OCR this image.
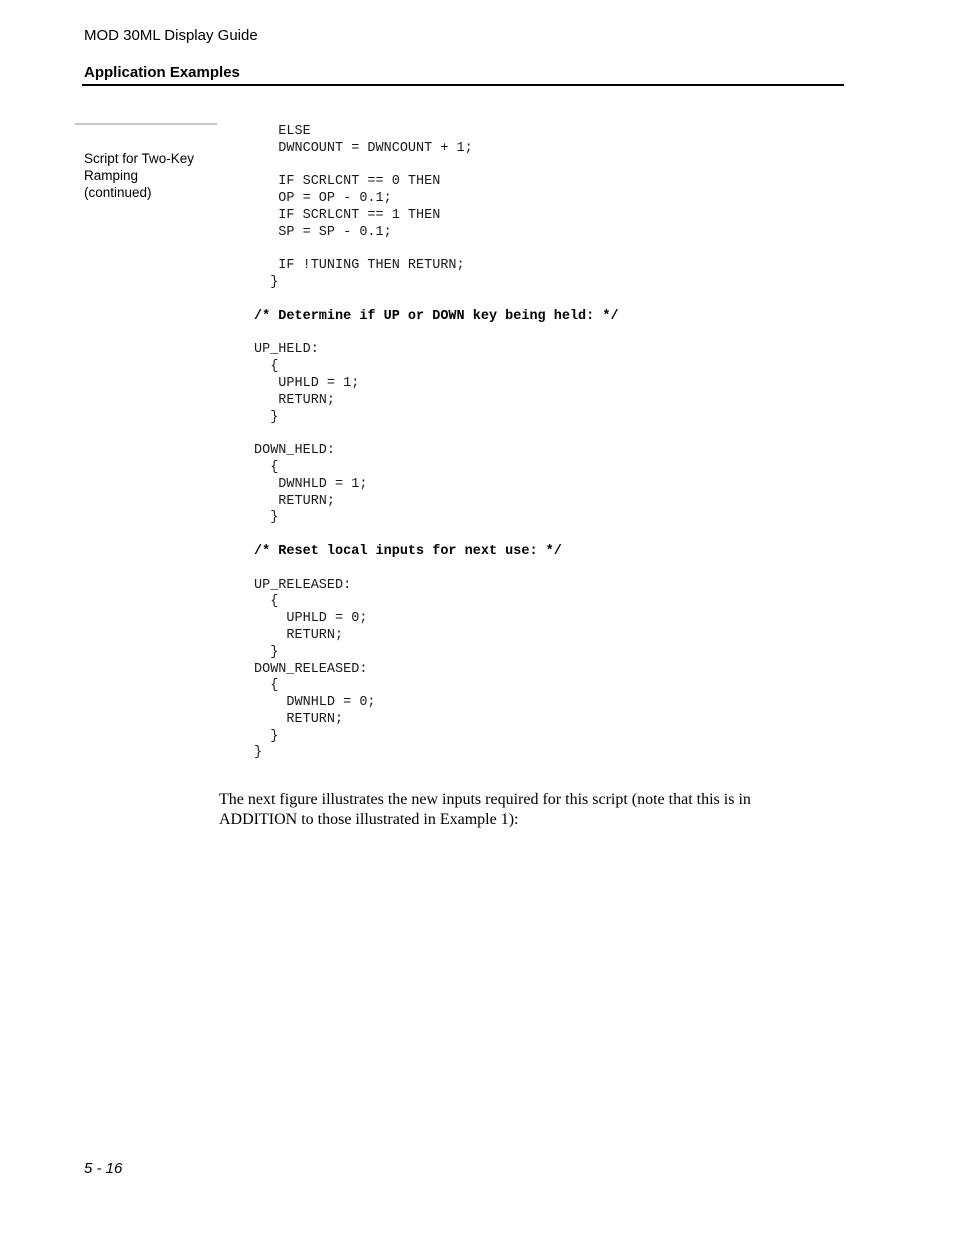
MOD 30ML Display Guide
Application Examples
Script for Two-Key
Ramping
(continued)
ELSE
DWNCOUNT = DWNCOUNT + 1;
IF SCRLCNT == 0 THEN
OP = OP - 0.1;
IF SCRLCNT == 1 THEN
SP = SP - 0.1;
IF !TUNING THEN RETURN;
}
/* Determine if UP or DOWN key being held: */
UP_HELD:
{
UPHLD = 1;
RETURN;
}
DOWN_HELD:
{
DWNHLD = 1;
RETURN;
}
/* Reset local inputs for next use: */
UP_RELEASED:
{
UPHLD = 0;
RETURN;
}
DOWN_RELEASED:
{
DWNHLD = 0;
RETURN;
}
}
The next figure illustrates the new inputs required for this script (note that this is in ADDITION to those illustrated in Example 1):
5 - 16
